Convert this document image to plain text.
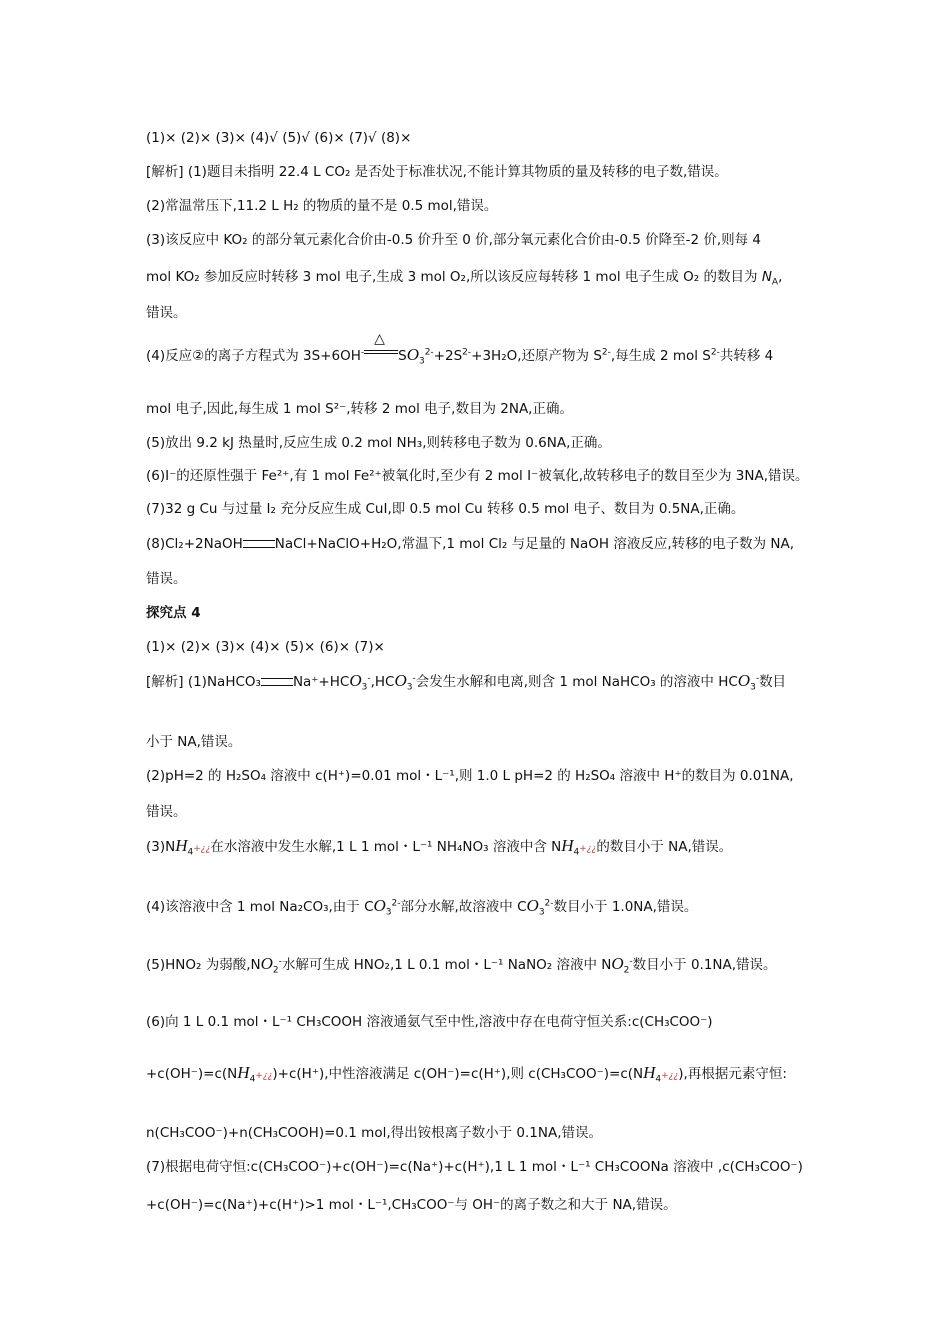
(1)× (2)× (3)× (4)√ (5)√ (6)× (7)√ (8)×
[解析] (1)题目未指明 22.4 L CO₂ 是否处于标准状况,不能计算其物质的量及转移的电子数,错误。
(2)常温常压下,11.2 L H₂ 的物质的量不是 0.5 mol,错误。
(3)该反应中 KO₂ 的部分氧元素化合价由-0.5 价升至 0 价,部分氧元素化合价由-0.5 价降至-2 价,则每 4
mol KO₂ 参加反应时转移 3 mol 电子,生成 3 mol O₂,所以该反应每转移 1 mol 电子生成 O₂ 的数目为 $N_A$,
错误。
(4)反应②的离子方程式为 3S+6OH-
△
$SO_3^{2-}+2S^{2-}+3H_2O$,还原产物为 $S^{2-}$,每生成 2 mol $S^{2-}$共转移 4
mol 电子,因此,每生成 1 mol S²⁻,转移 2 mol 电子,数目为 2NA,正确。
(5)放出 9.2 kJ 热量时,反应生成 0.2 mol NH₃,则转移电子数为 0.6NA,正确。
(6)I⁻的还原性强于 Fe²⁺,有 1 mol Fe²⁺被氧化时,至少有 2 mol I⁻被氧化,故转移电子的数目至少为 3NA,错误。
(7)32 g Cu 与过量 I₂ 充分反应生成 CuI,即 0.5 mol Cu 转移 0.5 mol 电子、数目为 0.5NA,正确。
(8)Cl₂+2NaOH NaCl+NaClO+H₂O,常温下,1 mol Cl₂ 与足量的 NaOH 溶液反应,转移的电子数为 NA,
错误。
探究点 4
(1)× (2)× (3)× (4)× (5)× (6)× (7)×
[解析] (1)NaHCO₃ $Na^++HCO_3^-,HCO_3^-$会发生水解和电离,则含 1 mol NaHCO₃ 的溶液中 $HCO_3^-$数目
小于 NA,错误。
(2)pH=2 的 H₂SO₄ 溶液中 c(H⁺)=0.01 mol・L⁻¹,则 1.0 L pH=2 的 H₂SO₄ 溶液中 H⁺的数目为 0.01NA,
错误。
$(3)NH_4+¿¿$在水溶液中发生水解,1 L 1 mol・L⁻¹ NH₄NO₃ 溶液中含 $NH_4+¿¿$的数目小于 NA,错误。
(4)该溶液中含 1 mol Na₂CO₃,由于 $CO_3^{2-}$部分水解,故溶液中 $CO_3^{2-}$数目小于 1.0NA,错误。
(5)HNO₂ 为弱酸$,NO_2^-$水解可生成 HNO₂,1 L 0.1 mol・L⁻¹ NaNO₂ 溶液中 $NO_2^-$数目小于 0.1NA,错误。
(6)向 1 L 0.1 mol・L⁻¹ CH₃COOH 溶液通氨气至中性,溶液中存在电荷守恒关系:c(CH₃COO⁻)
$+c(OH^-)=c(NH_4+¿¿)+c(H^+)$,中性溶液满足 c(OH⁻)=c(H⁺),则 $c(CH_3COO^-)=c(NH_4+¿¿)$,再根据元素守恒:
n(CH₃COO⁻)+n(CH₃COOH)=0.1 mol,得出铵根离子数小于 0.1NA,错误。
(7)根据电荷守恒:c(CH₃COO⁻)+c(OH⁻)=c(Na⁺)+c(H⁺),1 L 1 mol・L⁻¹ CH₃COONa 溶液中 ,c(CH₃COO⁻)
+c(OH⁻)=c(Na⁺)+c(H⁺)>1 mol・L⁻¹,CH₃COO⁻与 OH⁻的离子数之和大于 NA,错误。
